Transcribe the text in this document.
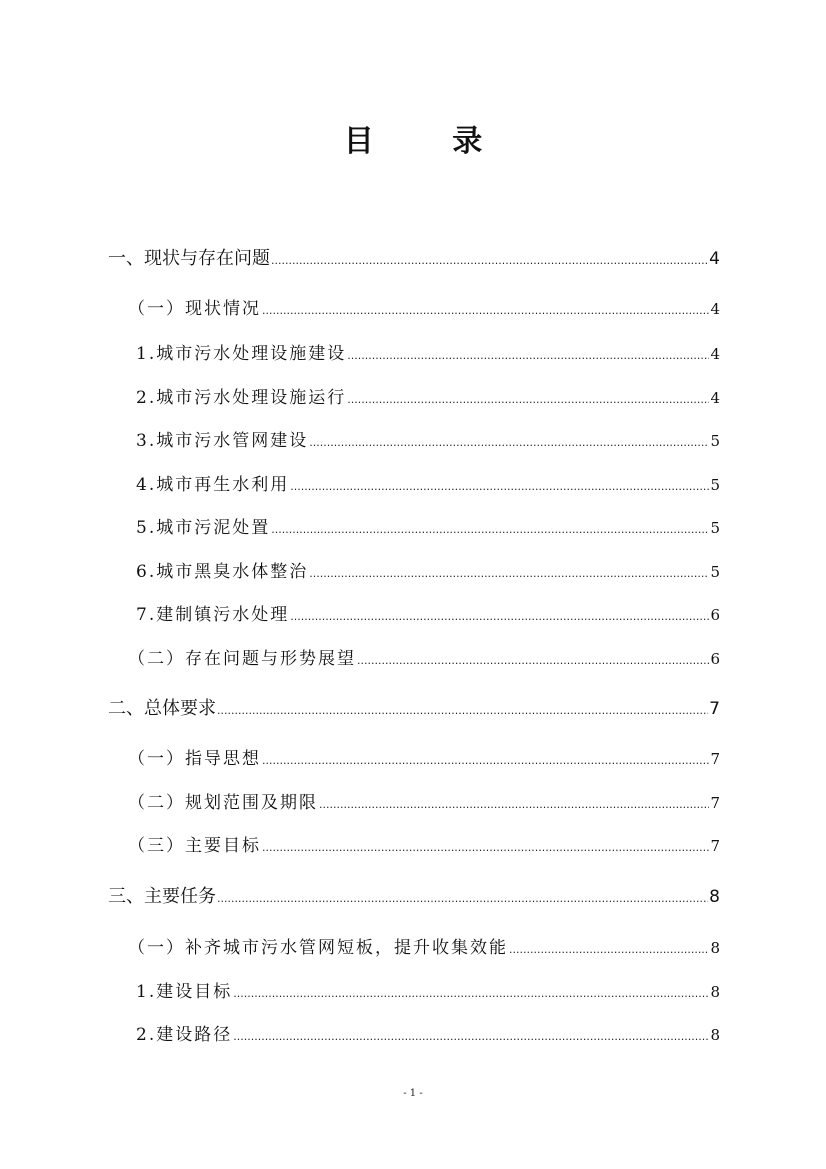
目 录
一、现状与存在问题 .....	4
（一）现状情况 .....	4
1.城市污水处理设施建设 .....	4
2.城市污水处理设施运行 .....	4
3.城市污水管网建设 .....	5
4.城市再生水利用 .....	5
5.城市污泥处置 .....	5
6.城市黑臭水体整治 .....	5
7.建制镇污水处理 .....	6
（二）存在问题与形势展望 .....	6
二、总体要求 .....	7
（一）指导思想 .....	7
（二）规划范围及期限 .....	7
（三）主要目标 .....	7
三、主要任务 .....	8
（一）补齐城市污水管网短板，提升收集效能 .....	8
1.建设目标 .....	8
2.建设路径 .....	8
- 1 -
